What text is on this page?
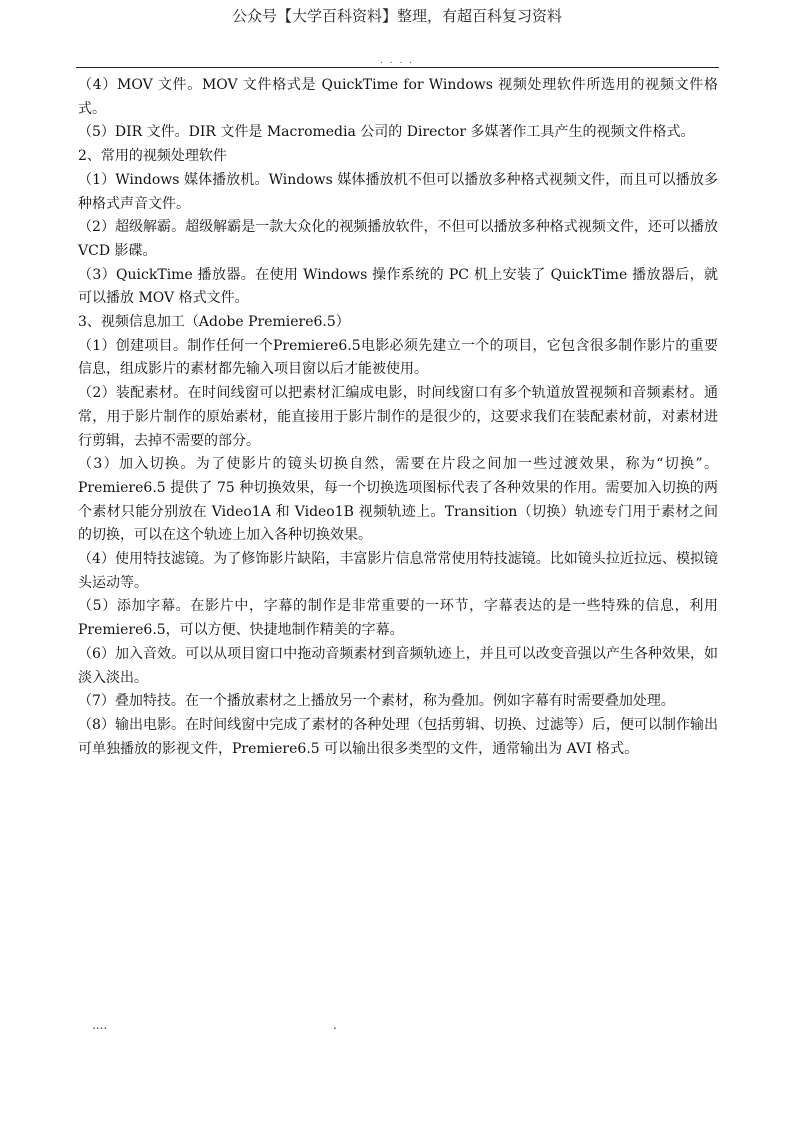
公众号【大学百科资料】整理，有超百科复习资料
. . . .

（4）MOV 文件。MOV 文件格式是 QuickTime for Windows 视频处理软件所选用的视频文件格式。

（5）DIR 文件。DIR 文件是 Macromedia 公司的 Director 多媒著作工具产生的视频文件格式。

2、常用的视频处理软件

（1）Windows 媒体播放机。Windows 媒体播放机不但可以播放多种格式视频文件，而且可以播放多种格式声音文件。

（2）超级解霸。超级解霸是一款大众化的视频播放软件，不但可以播放多种格式视频文件，还可以播放 VCD 影碟。

（3）QuickTime 播放器。在使用 Windows 操作系统的 PC 机上安装了 QuickTime 播放器后，就可以播放 MOV 格式文件。

3、视频信息加工（Adobe Premiere6.5）

（1）创建项目。制作任何一个Premiere6.5电影必须先建立一个的项目，它包含很多制作影片的重要信息，组成影片的素材都先输入项目窗以后才能被使用。

（2）装配素材。在时间线窗可以把素材汇编成电影，时间线窗口有多个轨道放置视频和音频素材。通常，用于影片制作的原始素材，能直接用于影片制作的是很少的，这要求我们在装配素材前，对素材进行剪辑，去掉不需要的部分。

（3）加入切换。为了使影片的镜头切换自然，需要在片段之间加一些过渡效果，称为“切换”。Premiere6.5 提供了 75 种切换效果，每一个切换选项图标代表了各种效果的作用。需要加入切换的两个素材只能分别放在 Video1A 和 Video1B 视频轨迹上。Transition（切换）轨迹专门用于素材之间的切换，可以在这个轨迹上加入各种切换效果。

（4）使用特技滤镜。为了修饰影片缺陷，丰富影片信息常常使用特技滤镜。比如镜头拉近拉远、模拟镜头运动等。

（5）添加字幕。在影片中，字幕的制作是非常重要的一环节，字幕表达的是一些特殊的信息，利用 Premiere6.5，可以方便、快捷地制作精美的字幕。

（6）加入音效。可以从项目窗口中拖动音频素材到音频轨迹上，并且可以改变音强以产生各种效果，如淡入淡出。

（7）叠加特技。在一个播放素材之上播放另一个素材，称为叠加。例如字幕有时需要叠加处理。

（8）输出电影。在时间线窗中完成了素材的各种处理（包括剪辑、切换、过滤等）后，便可以制作输出可单独播放的影视文件，Premiere6.5 可以输出很多类型的文件，通常输出为 AVI 格式。

....	.
